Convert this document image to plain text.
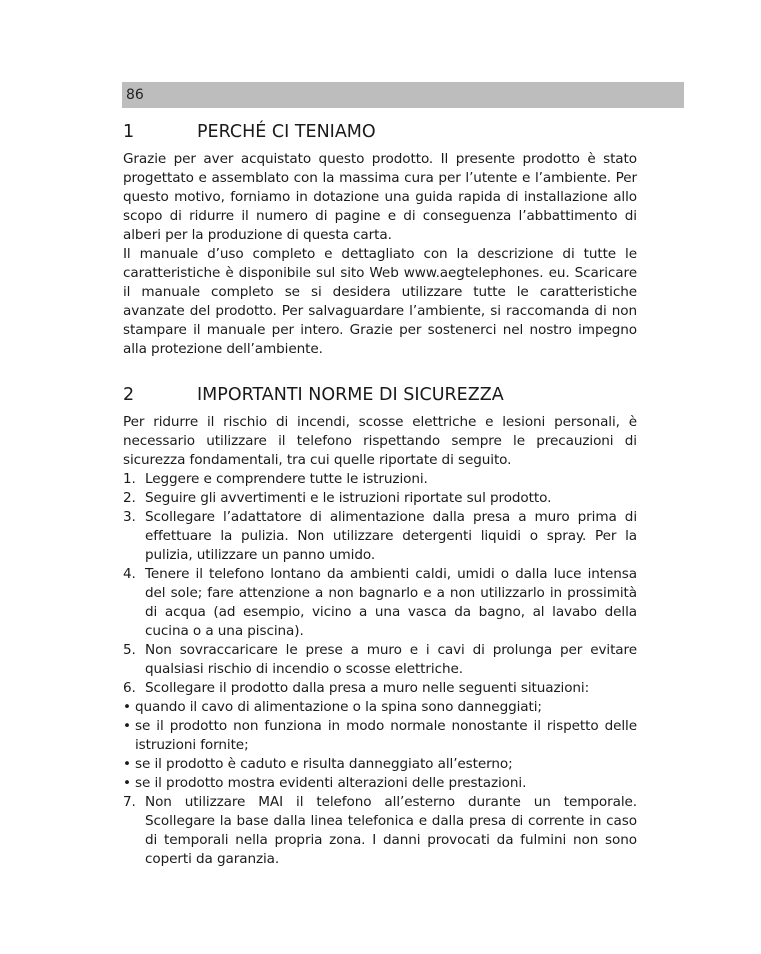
86
1	PERCHÉ CI TENIAMO

Grazie per aver acquistato questo prodotto. Il presente prodotto è stato progettato e assemblato con la massima cura per l’utente e l’ambiente. Per questo motivo, forniamo in dotazione una guida rapida di installazione allo scopo di ridurre il numero di pagine e di conseguenza l’abbattimento di alberi per la produzione di questa carta.

Il manuale d’uso completo e dettagliato con la descrizione di tutte le caratteristiche è disponibile sul sito Web www.aegtelephones. eu. Scaricare il manuale completo se si desidera utilizzare tutte le caratteristiche avanzate del prodotto. Per salvaguardare l’ambiente, si raccomanda di non stampare il manuale per intero. Grazie per sostenerci nel nostro impegno alla protezione dell’ambiente.

2	IMPORTANTI NORME DI SICUREZZA

Per ridurre il rischio di incendi, scosse elettriche e lesioni personali, è necessario utilizzare il telefono rispettando sempre le precauzioni di sicurezza fondamentali, tra cui quelle riportate di seguito.

1. Leggere e comprendere tutte le istruzioni.
2. Seguire gli avvertimenti e le istruzioni riportate sul prodotto.
3. Scollegare l’adattatore di alimentazione dalla presa a muro prima di effettuare la pulizia. Non utilizzare detergenti liquidi o spray. Per la pulizia, utilizzare un panno umido.
4. Tenere il telefono lontano da ambienti caldi, umidi o dalla luce intensa del sole; fare attenzione a non bagnarlo e a non utilizzarlo in prossimità di acqua (ad esempio, vicino a una vasca da bagno, al lavabo della cucina o a una piscina).
5. Non sovraccaricare le prese a muro e i cavi di prolunga per evitare qualsiasi rischio di incendio o scosse elettriche.
6. Scollegare il prodotto dalla presa a muro nelle seguenti situazioni:
• quando il cavo di alimentazione o la spina sono danneggiati;
• se il prodotto non funziona in modo normale nonostante il rispetto delle istruzioni fornite;
• se il prodotto è caduto e risulta danneggiato all’esterno;
• se il prodotto mostra evidenti alterazioni delle prestazioni.
7. Non utilizzare MAI il telefono all’esterno durante un temporale. Scollegare la base dalla linea telefonica e dalla presa di corrente in caso di temporali nella propria zona. I danni provocati da fulmini non sono coperti da garanzia.
